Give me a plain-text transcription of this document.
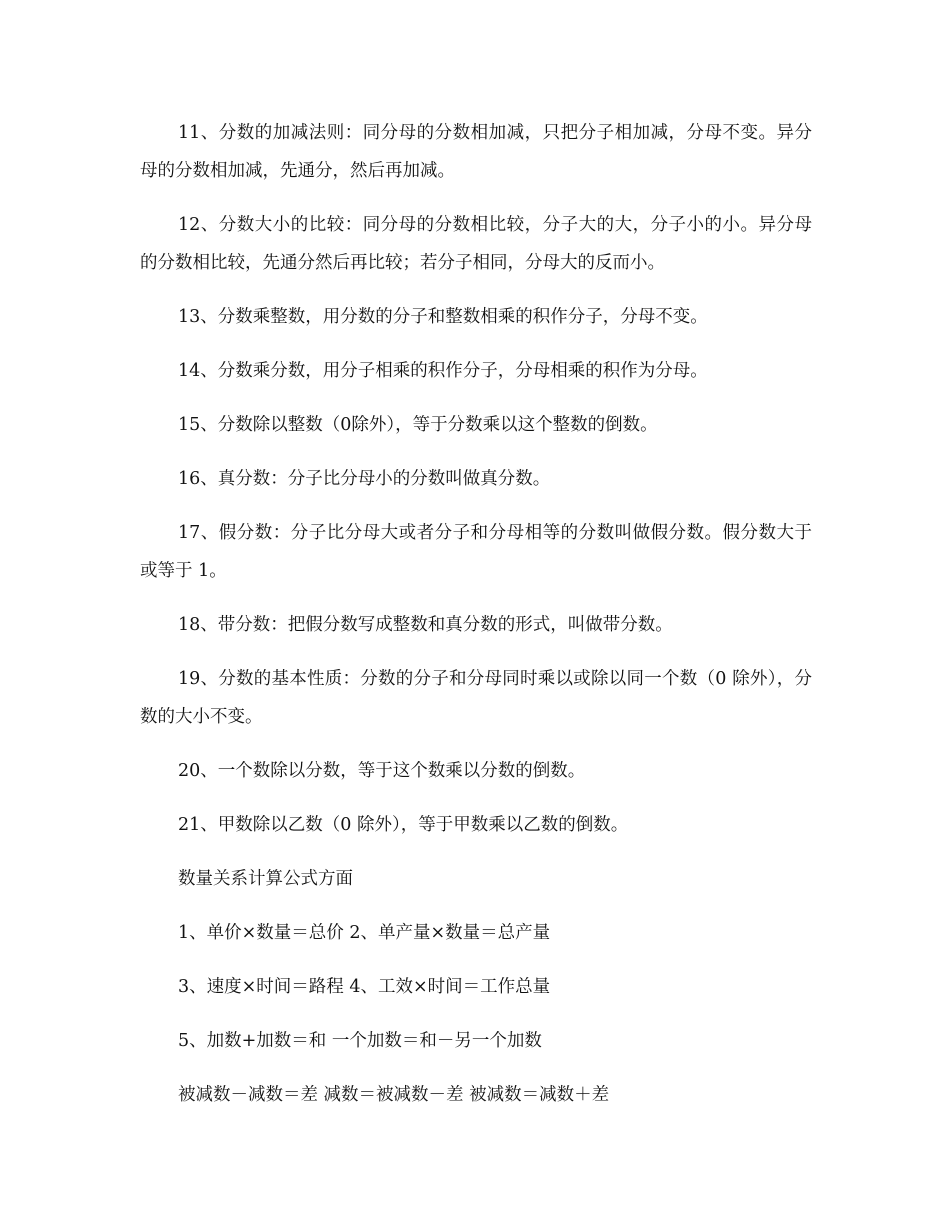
11、分数的加减法则：同分母的分数相加减，只把分子相加减，分母不变。异分母的分数相加减，先通分，然后再加减。

12、分数大小的比较：同分母的分数相比较，分子大的大，分子小的小。异分母的分数相比较，先通分然后再比较；若分子相同，分母大的反而小。

13、分数乘整数，用分数的分子和整数相乘的积作分子，分母不变。

14、分数乘分数，用分子相乘的积作分子，分母相乘的积作为分母。

15、分数除以整数（0除外），等于分数乘以这个整数的倒数。

16、真分数：分子比分母小的分数叫做真分数。

17、假分数：分子比分母大或者分子和分母相等的分数叫做假分数。假分数大于或等于 1。

18、带分数：把假分数写成整数和真分数的形式，叫做带分数。

19、分数的基本性质：分数的分子和分母同时乘以或除以同一个数（0 除外），分数的大小不变。

20、一个数除以分数，等于这个数乘以分数的倒数。

21、甲数除以乙数（0 除外），等于甲数乘以乙数的倒数。

数量关系计算公式方面

1、单价×数量＝总价 2、单产量×数量＝总产量

3、速度×时间＝路程 4、工效×时间＝工作总量

5、加数+加数＝和 一个加数＝和－另一个加数

被减数－减数＝差 减数＝被减数－差 被减数＝减数＋差
